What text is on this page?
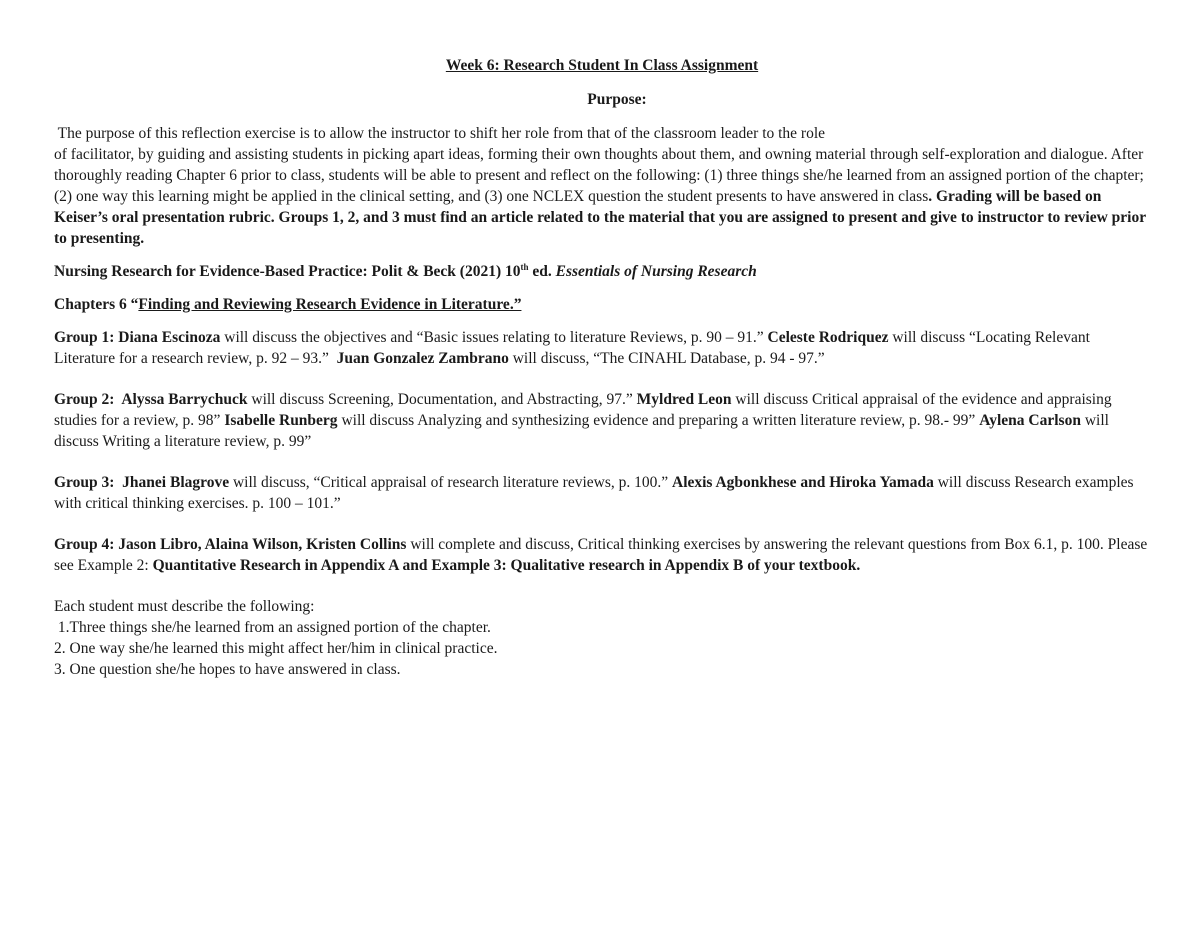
Week 6: Research Student In Class Assignment

Purpose:

The purpose of this reflection exercise is to allow the instructor to shift her role from that of the classroom leader to the role
of facilitator, by guiding and assisting students in picking apart ideas, forming their own thoughts about them, and owning material through self-exploration and dialogue. After thoroughly reading Chapter 6 prior to class, students will be able to present and reflect on the following: (1) three things she/he learned from an assigned portion of the chapter; (2) one way this learning might be applied in the clinical setting, and (3) one NCLEX question the student presents to have answered in class. Grading will be based on Keiser’s oral presentation rubric. Groups 1, 2, and 3 must find an article related to the material that you are assigned to present and give to instructor to review prior to presenting.

Nursing Research for Evidence-Based Practice: Polit & Beck (2021) 10th ed. Essentials of Nursing Research

Chapters 6 “Finding and Reviewing Research Evidence in Literature.”

Group 1: Diana Escinoza will discuss the objectives and “Basic issues relating to literature Reviews, p. 90 – 91.” Celeste Rodriquez will discuss “Locating Relevant Literature for a research review, p. 92 – 93.”  Juan Gonzalez Zambrano will discuss, “The CINAHL Database, p. 94 - 97.”

Group 2:  Alyssa Barrychuck will discuss Screening, Documentation, and Abstracting, 97.” Myldred Leon will discuss Critical appraisal of the evidence and appraising studies for a review, p. 98” Isabelle Runberg will discuss Analyzing and synthesizing evidence and preparing a written literature review, p. 98.- 99” Aylena Carlson will discuss Writing a literature review, p. 99”

Group 3:  Jhanei Blagrove will discuss, “Critical appraisal of research literature reviews, p. 100.” Alexis Agbonkhese and Hiroka Yamada will discuss Research examples with critical thinking exercises. p. 100 – 101.”

Group 4: Jason Libro, Alaina Wilson, Kristen Collins will complete and discuss, Critical thinking exercises by answering the relevant questions from Box 6.1, p. 100. Please see Example 2: Quantitative Research in Appendix A and Example 3: Qualitative research in Appendix B of your textbook.

Each student must describe the following:
1.Three things she/he learned from an assigned portion of the chapter.
2. One way she/he learned this might affect her/him in clinical practice.
3. One question she/he hopes to have answered in class.
